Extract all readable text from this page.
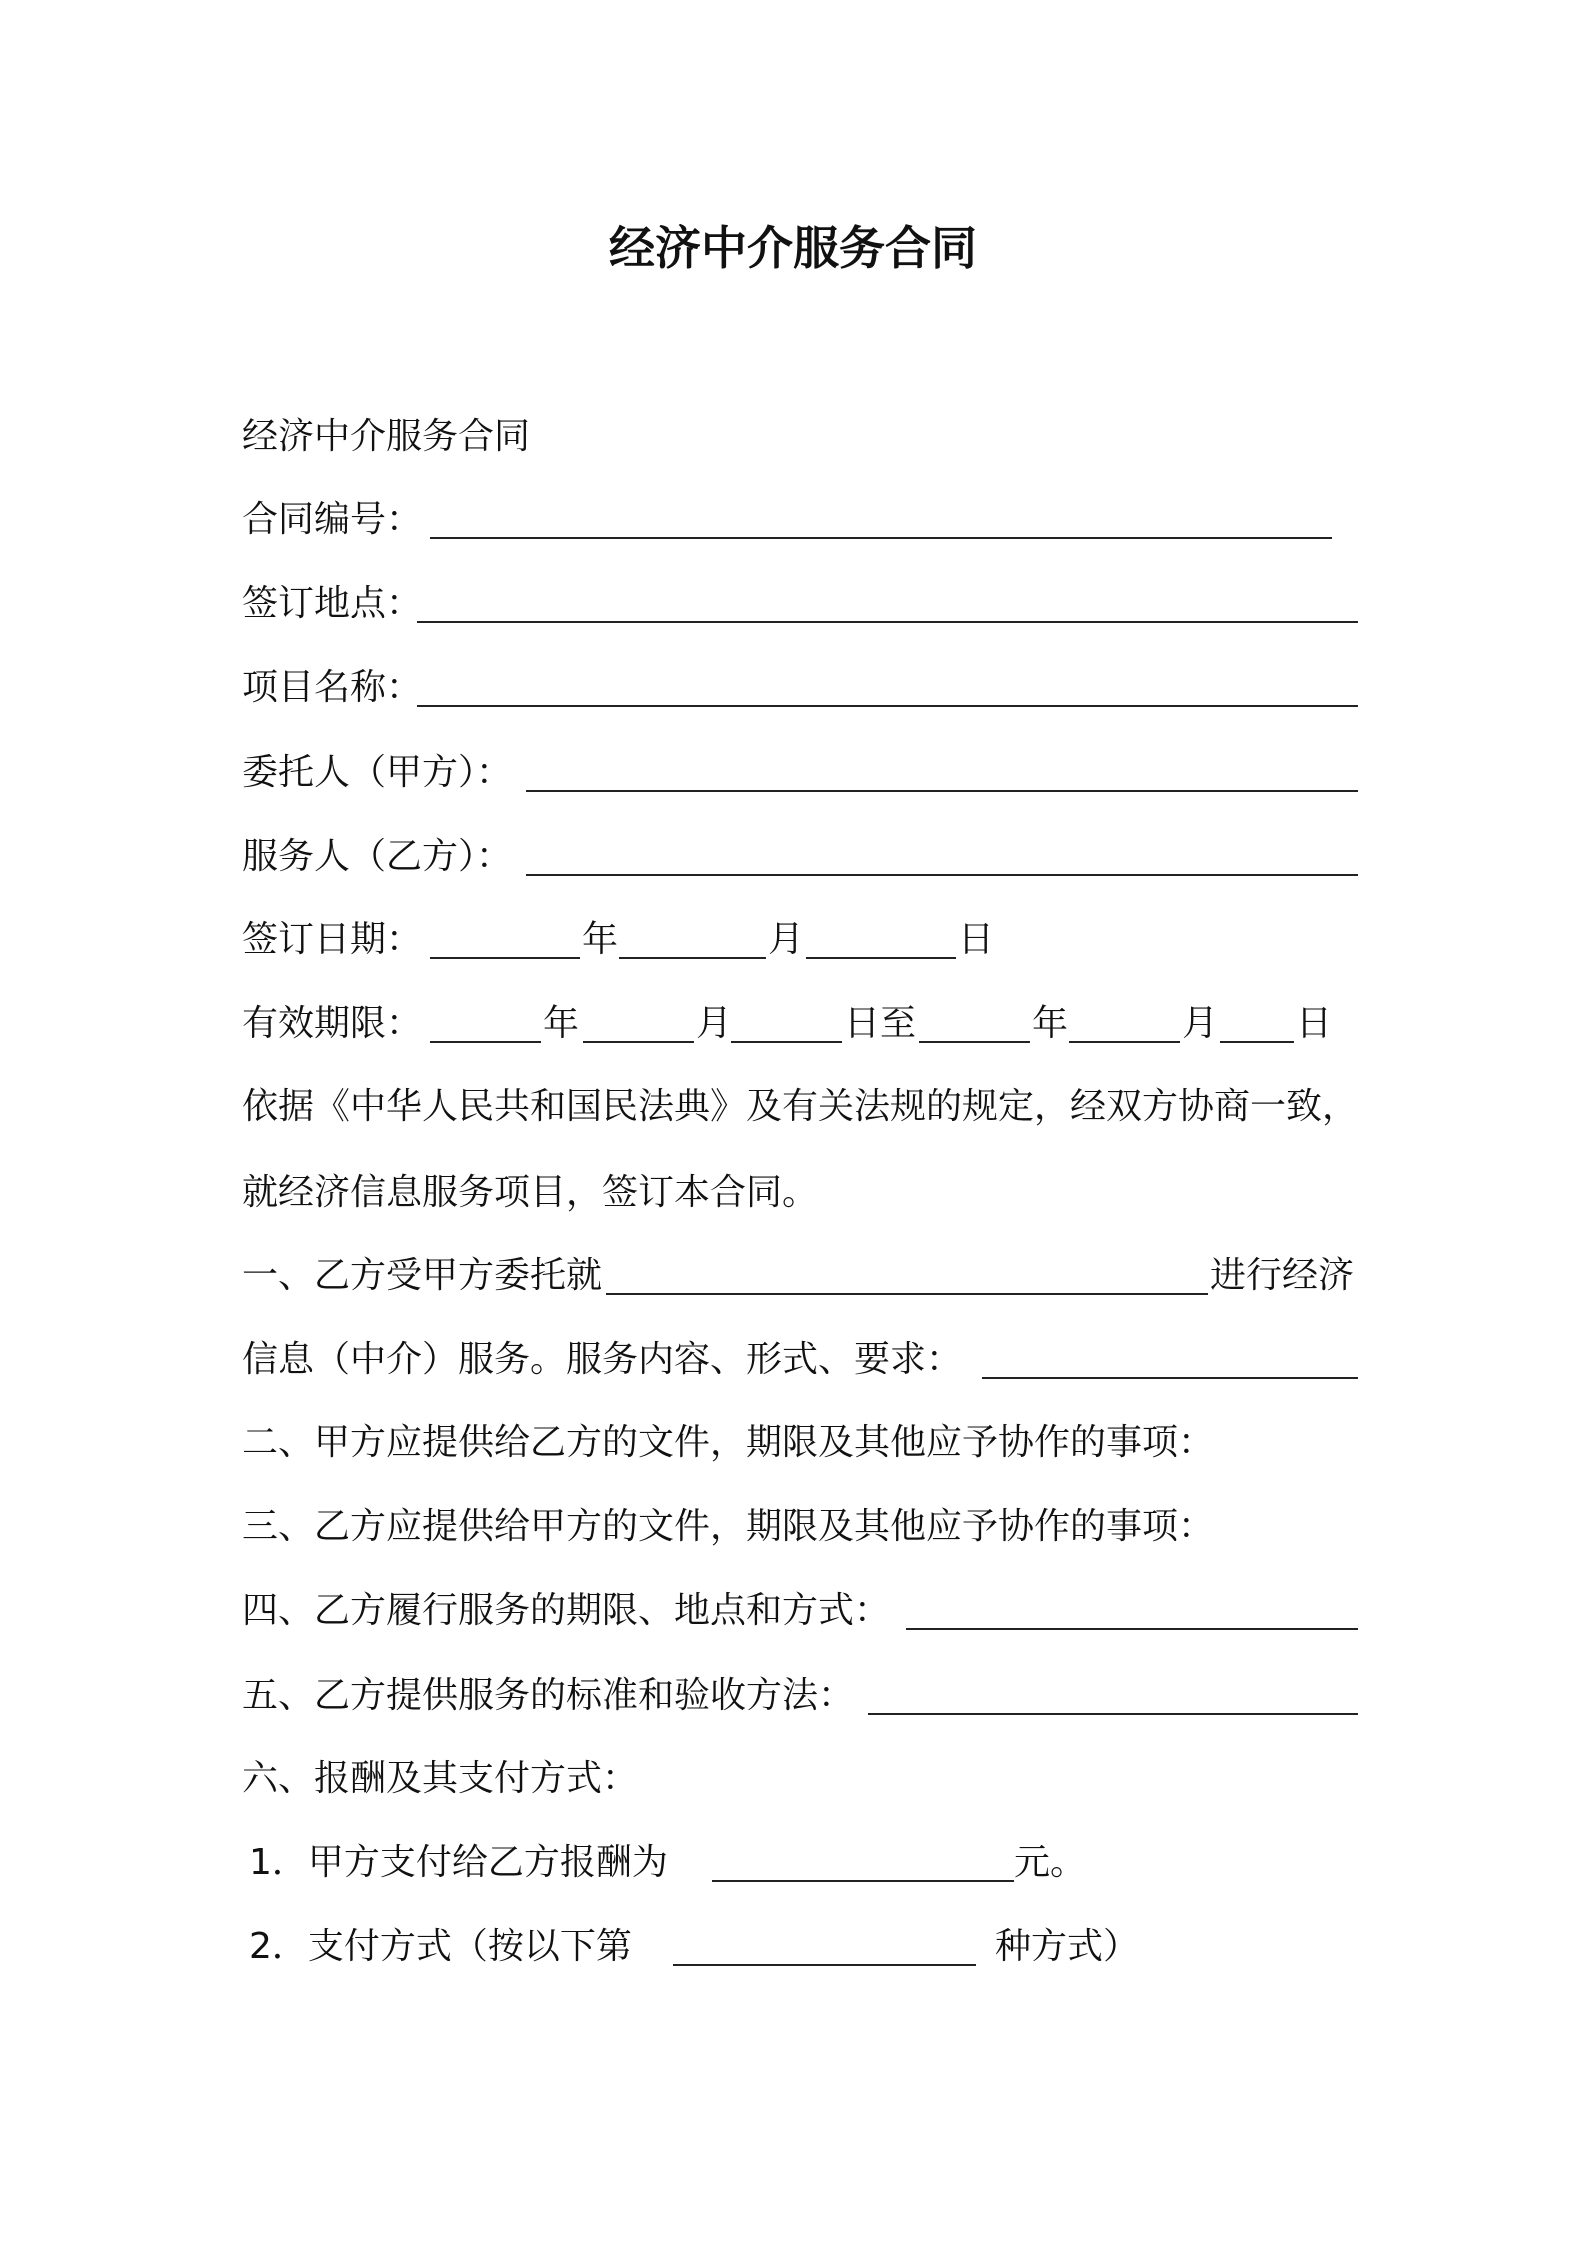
经济中介服务合同
经济中介服务合同
合同编号：
签订地点：
项目名称：
委托人（甲方）：
服务人（乙方）：
签订日期：	年	月	日
有效期限：	年	月	日至	年	月 日
依据《中华人民共和国民法典》及有关法规的规定，经双方协商一致，
就经济信息服务项目，签订本合同。
一、乙方受甲方委托就	进行经济
信息（中介）服务。服务内容、形式、要求：
二、甲方应提供给乙方的文件，期限及其他应予协作的事项：
三、乙方应提供给甲方的文件，期限及其他应予协作的事项：
四、乙方履行服务的期限、地点和方式：
五、乙方提供服务的标准和验收方法：
六、报酬及其支付方式：
1．甲方支付给乙方报酬为	元。
2．支付方式（按以下第	种方式）
